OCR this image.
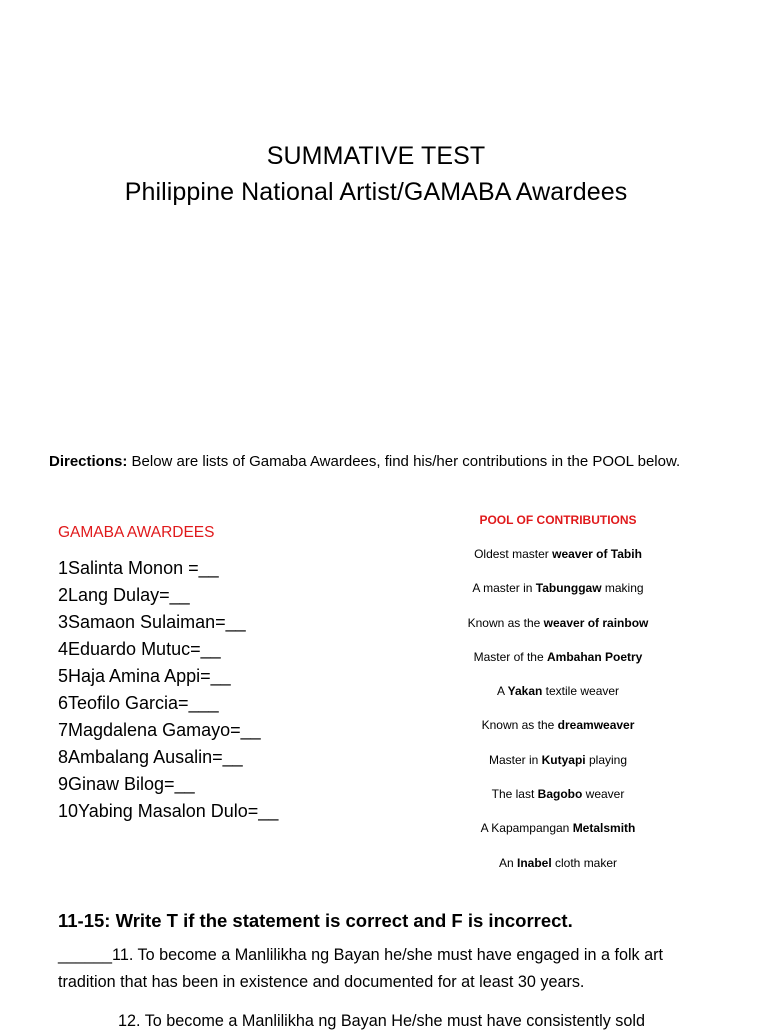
SUMMATIVE TEST
Philippine National Artist/GAMABA Awardees
Directions: Below are lists of Gamaba Awardees, find his/her contributions in the POOL below.
GAMABA AWARDEES
1Salinta Monon =__
2Lang Dulay=__
3Samaon Sulaiman=__
4Eduardo Mutuc=__
5Haja Amina Appi=__
6Teofilo Garcia=___
7Magdalena Gamayo=__
8Ambalang Ausalin=__
9Ginaw Bilog=__
10Yabing Masalon Dulo=__
POOL OF CONTRIBUTIONS
Oldest master weaver of Tabih
A master in Tabunggaw making
Known as the weaver of rainbow
Master of the Ambahan Poetry
A Yakan textile weaver
Known as the dreamweaver
Master in Kutyapi playing
The last Bagobo weaver
A Kapampangan Metalsmith
An Inabel cloth maker
11-15: Write T if the statement is correct and F is incorrect.
______11. To become a Manlilikha ng Bayan he/she must have engaged in a folk art tradition that has been in existence and documented for at least 30 years.
12. To become a Manlilikha ng Bayan He/she must have consistently sold
